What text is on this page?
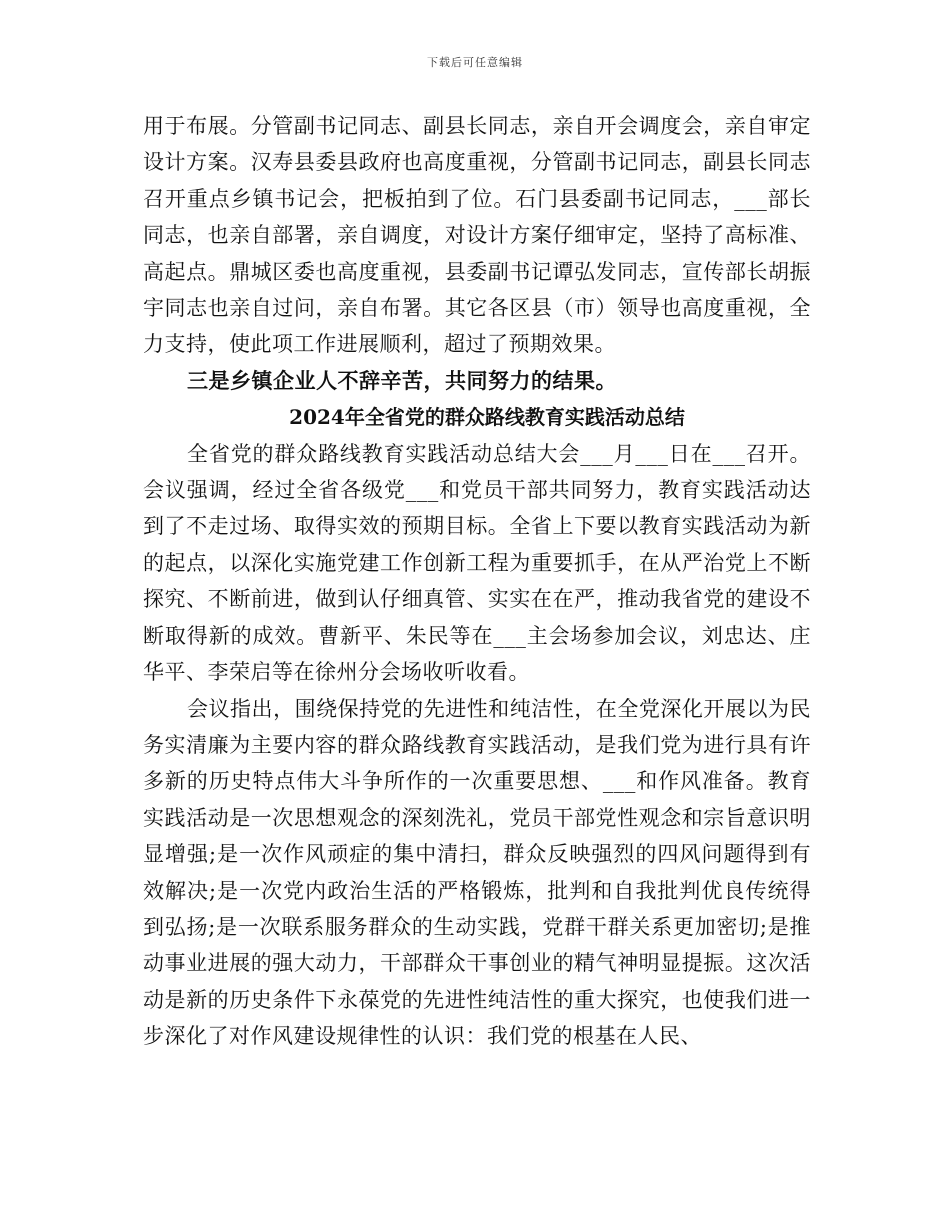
下载后可任意编辑

用于布展。分管副书记同志、副县长同志，亲自开会调度会，亲自审定设计方案。汉寿县委县政府也高度重视，分管副书记同志，副县长同志召开重点乡镇书记会，把板拍到了位。石门县委副书记同志，___部长同志，也亲自部署，亲自调度，对设计方案仔细审定，坚持了高标准、高起点。鼎城区委也高度重视，县委副书记谭弘发同志，宣传部长胡振宇同志也亲自过问，亲自布署。其它各区县（市）领导也高度重视，全力支持，使此项工作进展顺利，超过了预期效果。

三是乡镇企业人不辞辛苦，共同努力的结果。

2024年全省党的群众路线教育实践活动总结

全省党的群众路线教育实践活动总结大会___月___日在___召开。会议强调，经过全省各级党___和党员干部共同努力，教育实践活动达到了不走过场、取得实效的预期目标。全省上下要以教育实践活动为新的起点，以深化实施党建工作创新工程为重要抓手，在从严治党上不断探究、不断前进，做到认仔细真管、实实在在严，推动我省党的建设不断取得新的成效。曹新平、朱民等在___主会场参加会议，刘忠达、庄华平、李荣启等在徐州分会场收听收看。

会议指出，围绕保持党的先进性和纯洁性，在全党深化开展以为民务实清廉为主要内容的群众路线教育实践活动，是我们党为进行具有许多新的历史特点伟大斗争所作的一次重要思想、___和作风准备。教育实践活动是一次思想观念的深刻洗礼，党员干部党性观念和宗旨意识明显增强;是一次作风顽症的集中清扫，群众反映强烈的四风问题得到有效解决;是一次党内政治生活的严格锻炼，批判和自我批判优良传统得到弘扬;是一次联系服务群众的生动实践，党群干群关系更加密切;是推动事业进展的强大动力，干部群众干事创业的精气神明显提振。这次活动是新的历史条件下永葆党的先进性纯洁性的重大探究，也使我们进一步深化了对作风建设规律性的认识：我们党的根基在人民、
